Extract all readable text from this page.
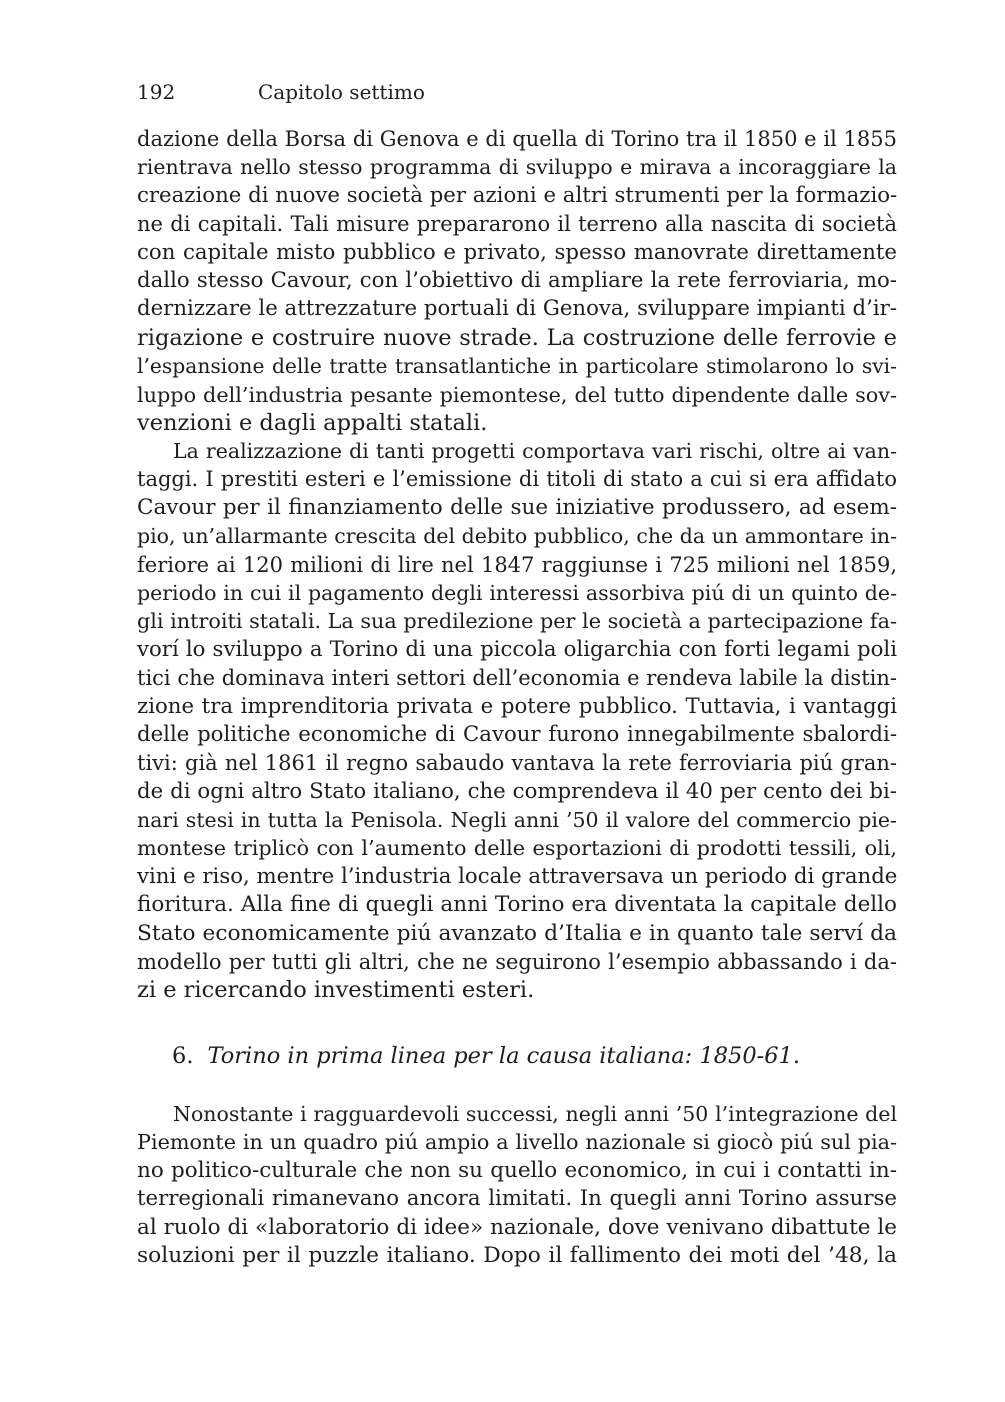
192	Capitolo settimo
dazione della Borsa di Genova e di quella di Torino tra il 1850 e il 1855
rientrava nello stesso programma di sviluppo e mirava a incoraggiare la
creazione di nuove società per azioni e altri strumenti per la formazio-
ne di capitali. Tali misure prepararono il terreno alla nascita di società
con capitale misto pubblico e privato, spesso manovrate direttamente
dallo stesso Cavour, con l’obiettivo di ampliare la rete ferroviaria, mo-
dernizzare le attrezzature portuali di Genova, sviluppare impianti d’ir-
rigazione e costruire nuove strade. La costruzione delle ferrovie e
l’espansione delle tratte transatlantiche in particolare stimolarono lo svi-
luppo dell’industria pesante piemontese, del tutto dipendente dalle sov-
venzioni e dagli appalti statali.
La realizzazione di tanti progetti comportava vari rischi, oltre ai van-
taggi. I prestiti esteri e l’emissione di titoli di stato a cui si era affidato
Cavour per il finanziamento delle sue iniziative produssero, ad esem-
pio, un’allarmante crescita del debito pubblico, che da un ammontare in-
feriore ai 120 milioni di lire nel 1847 raggiunse i 725 milioni nel 1859,
periodo in cui il pagamento degli interessi assorbiva piú di un quinto de-
gli introiti statali. La sua predilezione per le società a partecipazione fa-
vorí lo sviluppo a Torino di una piccola oligarchia con forti legami poli
tici che dominava interi settori dell’economia e rendeva labile la distin-
zione tra imprenditoria privata e potere pubblico. Tuttavia, i vantaggi
delle politiche economiche di Cavour furono innegabilmente sbalordi-
tivi: già nel 1861 il regno sabaudo vantava la rete ferroviaria piú gran-
de di ogni altro Stato italiano, che comprendeva il 40 per cento dei bi-
nari stesi in tutta la Penisola. Negli anni ’50 il valore del commercio pie-
montese triplicò con l’aumento delle esportazioni di prodotti tessili, oli,
vini e riso, mentre l’industria locale attraversava un periodo di grande
fioritura. Alla fine di quegli anni Torino era diventata la capitale dello
Stato economicamente piú avanzato d’Italia e in quanto tale serví da
modello per tutti gli altri, che ne seguirono l’esempio abbassando i da-
zi e ricercando investimenti esteri.
6. Torino in prima linea per la causa italiana: 1850-61.
Nonostante i ragguardevoli successi, negli anni ’50 l’integrazione del
Piemonte in un quadro piú ampio a livello nazionale si giocò piú sul pia-
no politico-culturale che non su quello economico, in cui i contatti in-
terregionali rimanevano ancora limitati. In quegli anni Torino assurse
al ruolo di «laboratorio di idee» nazionale, dove venivano dibattute le
soluzioni per il puzzle italiano. Dopo il fallimento dei moti del ’48, la
